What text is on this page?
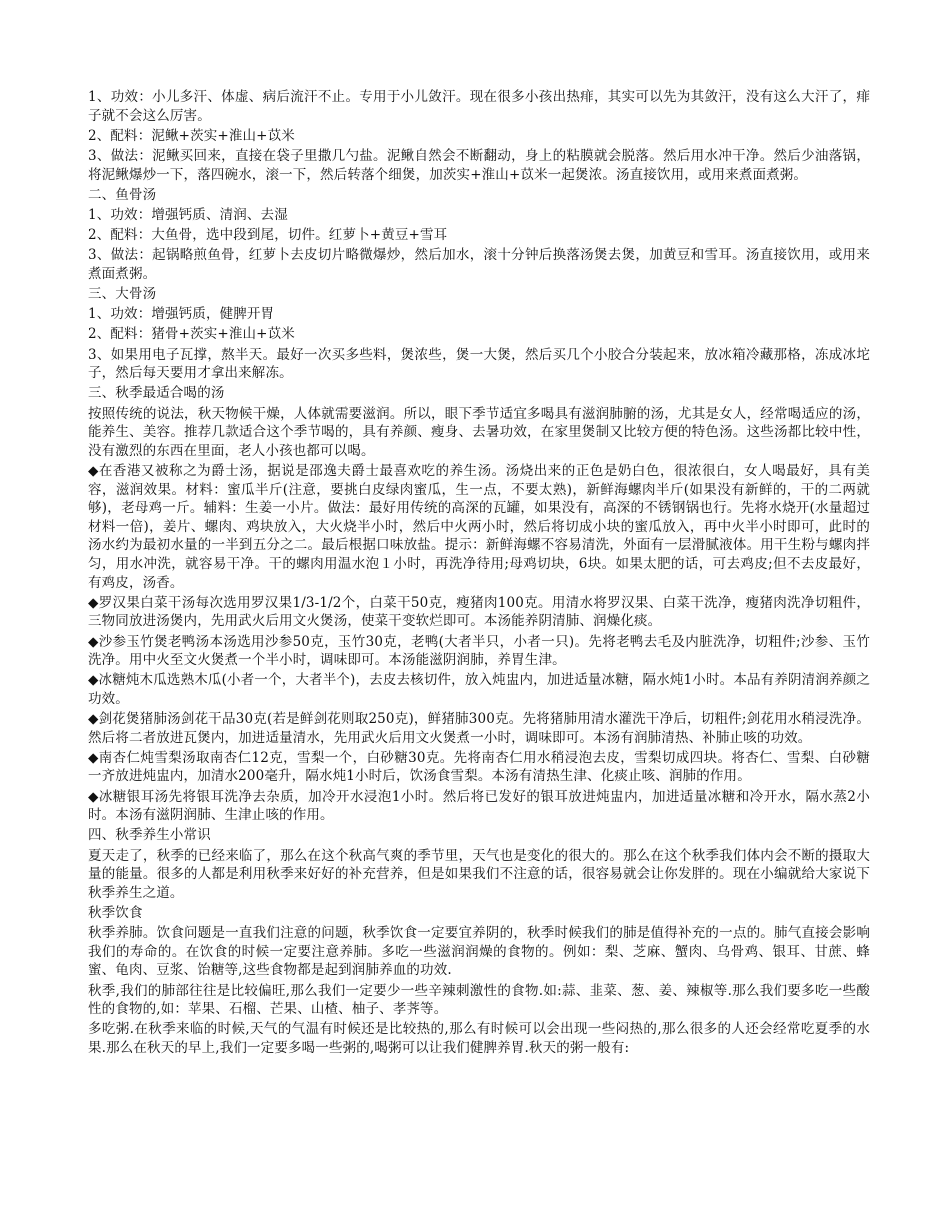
1、功效：小儿多汗、体虚、病后流汗不止。专用于小儿敛汗。现在很多小孩出热痱，其实可以先为其敛汗，没有这么大汗了，痱子就不会这么厉害。

2、配料：泥鳅+茨实+淮山+苡米

3、做法：泥鳅买回来，直接在袋子里撒几勺盐。泥鳅自然会不断翻动，身上的粘膜就会脱落。然后用水冲干净。然后少油落锅，将泥鳅爆炒一下，落四碗水，滚一下，然后转落个细煲，加茨实+淮山+苡米一起煲浓。汤直接饮用，或用来煮面煮粥。

二、鱼骨汤

1、功效：增强钙质、清润、去湿

2、配料：大鱼骨，选中段到尾，切件。红萝卜+黄豆+雪耳

3、做法：起锅略煎鱼骨，红萝卜去皮切片略微爆炒，然后加水，滚十分钟后换落汤煲去煲，加黄豆和雪耳。汤直接饮用，或用来煮面煮粥。

三、大骨汤

1、功效：增强钙质，健脾开胃

2、配料：猪骨+茨实+淮山+苡米

3、如果用电子瓦撑，熬半天。最好一次买多些料，煲浓些，煲一大煲，然后买几个小胶合分装起来，放冰箱冷藏那格，冻成冰坨子，然后每天要用才拿出来解冻。

三、秋季最适合喝的汤

按照传统的说法，秋天物候干燥，人体就需要滋润。所以，眼下季节适宜多喝具有滋润肺腑的汤，尤其是女人，经常喝适应的汤，能养生、美容。推荐几款适合这个季节喝的，具有养颜、瘦身、去暑功效，在家里煲制又比较方便的特色汤。这些汤都比较中性，没有激烈的东西在里面，老人小孩也都可以喝。

◆在香港又被称之为爵士汤，据说是邵逸夫爵士最喜欢吃的养生汤。汤烧出来的正色是奶白色，很浓很白，女人喝最好，具有美容，滋润效果。材料：蜜瓜半斤(注意，要挑白皮绿肉蜜瓜，生一点，不要太熟)，新鲜海螺肉半斤(如果没有新鲜的，干的二两就够)，老母鸡一斤。辅料：生姜一小片。做法：最好用传统的高深的瓦罐，如果没有，高深的不锈钢锅也行。先将水烧开(水量超过材料一倍)，姜片、螺肉、鸡块放入，大火烧半小时，然后中火两小时，然后将切成小块的蜜瓜放入，再中火半小时即可，此时的汤水约为最初水量的一半到五分之二。最后根据口味放盐。提示：新鲜海螺不容易清洗，外面有一层滑腻液体。用干生粉与螺肉拌匀，用水冲洗，就容易干净。干的螺肉用温水泡１小时，再洗净待用;母鸡切块，6块。如果太肥的话，可去鸡皮;但不去皮最好，有鸡皮，汤香。

◆罗汉果白菜干汤每次选用罗汉果1/3-1/2个，白菜干50克，瘦猪肉100克。用清水将罗汉果、白菜干洗净，瘦猪肉洗净切粗件，三物同放进汤煲内，先用武火后用文火煲汤，使菜干变软烂即可。本汤能养阴清肺、润燥化痰。

◆沙参玉竹煲老鸭汤本汤选用沙参50克，玉竹30克，老鸭(大者半只，小者一只)。先将老鸭去毛及内脏洗净，切粗件;沙参、玉竹洗净。用中火至文火煲煮一个半小时，调味即可。本汤能滋阴润肺，养胃生津。

◆冰糖炖木瓜选熟木瓜(小者一个，大者半个)，去皮去核切件，放入炖盅内，加进适量冰糖，隔水炖1小时。本品有养阴清润养颜之功效。

◆剑花煲猪肺汤剑花干品30克(若是鲜剑花则取250克)，鲜猪肺300克。先将猪肺用清水灌洗干净后，切粗件;剑花用水稍浸洗净。然后将二者放进瓦煲内，加进适量清水，先用武火后用文火煲煮一小时，调味即可。本汤有润肺清热、补肺止咳的功效。

◆南杏仁炖雪梨汤取南杏仁12克，雪梨一个，白砂糖30克。先将南杏仁用水稍浸泡去皮，雪梨切成四块。将杏仁、雪梨、白砂糖一齐放进炖盅内，加清水200毫升，隔水炖1小时后，饮汤食雪梨。本汤有清热生津、化痰止咳、润肺的作用。

◆冰糖银耳汤先将银耳洗净去杂质，加冷开水浸泡1小时。然后将已发好的银耳放进炖盅内，加进适量冰糖和冷开水，隔水蒸2小时。本汤有滋阴润肺、生津止咳的作用。

四、秋季养生小常识

夏天走了，秋季的已经来临了，那么在这个秋高气爽的季节里，天气也是变化的很大的。那么在这个秋季我们体内会不断的摄取大量的能量。很多的人都是利用秋季来好好的补充营养，但是如果我们不注意的话，很容易就会让你发胖的。现在小编就给大家说下秋季养生之道。

秋季饮食

秋季养肺。饮食问题是一直我们注意的问题，秋季饮食一定要宜养阴的，秋季时候我们的肺是值得补充的一点的。肺气直接会影响我们的寿命的。在饮食的时候一定要注意养肺。多吃一些滋润润燥的食物的。例如：梨、芝麻、蟹肉、乌骨鸡、银耳、甘蔗、蜂蜜、龟肉、豆浆、饴糖等,这些食物都是起到润肺养血的功效.

秋季,我们的肺部往往是比较偏旺,那么我们一定要少一些辛辣刺激性的食物.如:蒜、韭菜、葱、姜、辣椒等.那么我们要多吃一些酸性的食物的,如：苹果、石榴、芒果、山楂、柚子、孝荠等。

多吃粥.在秋季来临的时候,天气的气温有时候还是比较热的,那么有时候可以会出现一些闷热的,那么很多的人还会经常吃夏季的水果.那么在秋天的早上,我们一定要多喝一些粥的,喝粥可以让我们健脾养胃.秋天的粥一般有:
